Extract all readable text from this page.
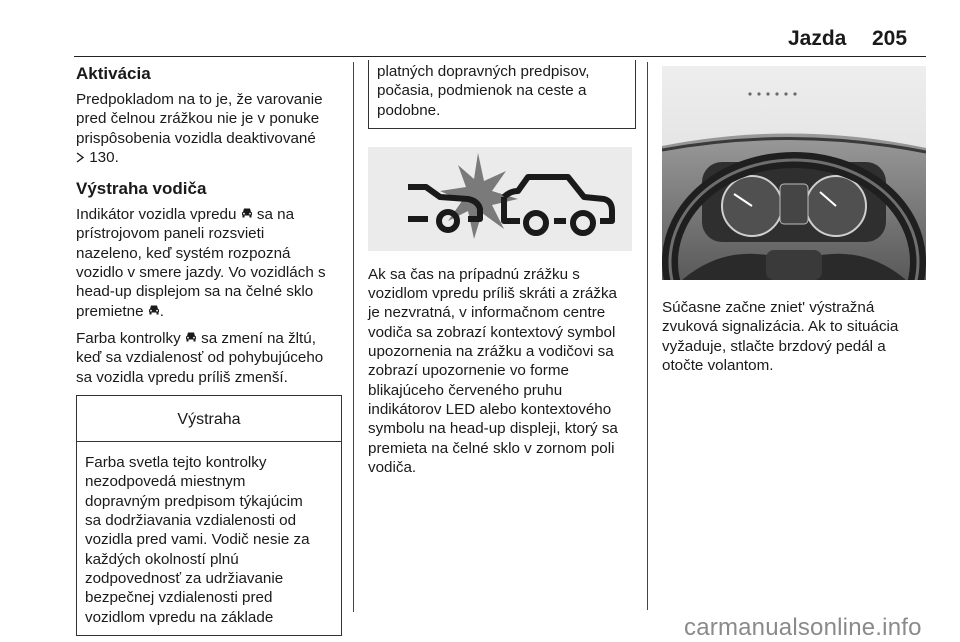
Jazda 205
Aktivácia

Predpokladom na to je, že varovanie
pred čelnou zrážkou nie je v ponuke
prispôsobenia vozidla deaktivované
130.

Výstraha vodiča

Indikátor vozidla vpredu sa na
prístrojovom paneli rozsvieti
nazeleno, keď systém rozpozná
vozidlo v smere jazdy. Vo vozidlách s
head-up displejom sa na čelné sklo
premietne .

Farba kontrolky sa zmení na žltú,
keď sa vzdialenosť od pohybujúceho
sa vozidla vpredu príliš zmenší.

Výstraha
Farba svetla tejto kontrolky
nezodpovedá miestnym
dopravným predpisom týkajúcim
sa dodržiavania vzdialenosti od
vozidla pred vami. Vodič nesie za
každých okolností plnú
zodpovednosť za udržiavanie
bezpečnej vzdialenosti pred
vozidlom vpredu na základe
platných dopravných predpisov,
počasia, podmienok na ceste a
podobne.

Ak sa čas na prípadnú zrážku s
vozidlom vpredu príliš skráti a zrážka
je nezvratná, v informačnom centre
vodiča sa zobrazí kontextový symbol
upozornenia na zrážku a vodičovi sa
zobrazí upozornenie vo forme
blikajúceho červeného pruhu
indikátorov LED alebo kontextového
symbolu na head-up displeji, ktorý sa
premieta na čelné sklo v zornom poli
vodiča.

Súčasne začne zniet' výstražná
zvuková signalizácia. Ak to situácia
vyžaduje, stlačte brzdový pedál a
otočte volantom.

carmanualsonline.info
